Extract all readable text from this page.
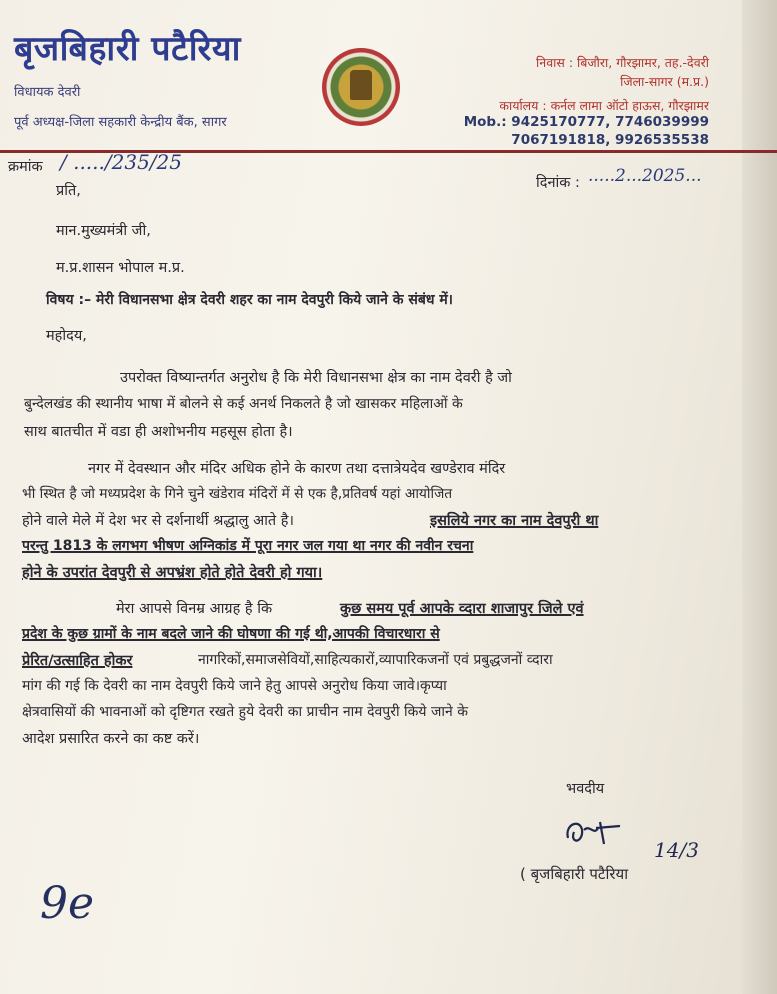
बृजबिहारी पटैरिया
विधायक देवरी
पूर्व अध्यक्ष-जिला सहकारी केन्द्रीय बैंक, सागर
निवास : बिजौरा, गौरझामर, तह.-देवरी
जिला-सागर (म.प्र.)
कार्यालय : कर्नल लामा ऑटो हाऊस, गौरझामर
Mob.: 9425170777, 7746039999
7067191818, 9926535538
क्रमांक / ...../235/25
दिनांक : .....2...2025...
प्रति,
मान.मुख्यमंत्री जी,
म.प्र.शासन भोपाल म.प्र.
विषय :– मेरी विधानसभा क्षेत्र देवरी शहर का नाम देवपुरी किये जाने के संबंध में।
महोदय,
उपरोक्त विष्यान्तर्गत अनुरोध है कि मेरी विधानसभा क्षेत्र का नाम देवरी है जो
बुन्देलखंड की स्थानीय भाषा में बोलने से कई अनर्थ निकलते है जो खासकर महिलाओं के
साथ बातचीत में वडा ही अशोभनीय महसूस होता है।
नगर में देवस्थान और मंदिर अधिक होने के कारण तथा दत्तात्रेयदेव खण्डेराव मंदिर
भी स्थित है जो मध्यप्रदेश के गिने चुने खंडेराव मंदिरों में से एक है,प्रतिवर्ष यहां आयोजित
होने वाले मेले में देश भर से दर्शनार्थी श्रद्धालु आते है।	इसलिये नगर का नाम देवपुरी था
परन्तु 1813 के लगभग भीषण अग्निकांड में पूरा नगर जल गया था नगर की नवीन रचना
होने के उपरांत देवपुरी से अपभ्रंश होते होते देवरी हो गया।
मेरा आपसे विनम्र आग्रह है कि	कुछ समय पूर्व आपके व्दारा शाजापुर जिले एवं
प्रदेश के कुछ ग्रामों के नाम बदले जाने की घोषणा की गई थी,आपकी विचारधारा से
प्रेरित/उत्साहित होकर	नागरिकों,समाजसेवियों,साहित्यकारों,व्यापारिकजनों एवं प्रबुद्धजनों व्दारा
मांग की गई कि देवरी का नाम देवपुरी किये जाने हेतु आपसे अनुरोध किया जावे।कृप्या
क्षेत्रवासियों की भावनाओं को दृष्टिगत रखते हुये देवरी का प्राचीन नाम देवपुरी किये जाने के
आदेश प्रसारित करने का कष्ट करें।
भवदीय
14/3
( बृजबिहारी पटैरिया
9e
